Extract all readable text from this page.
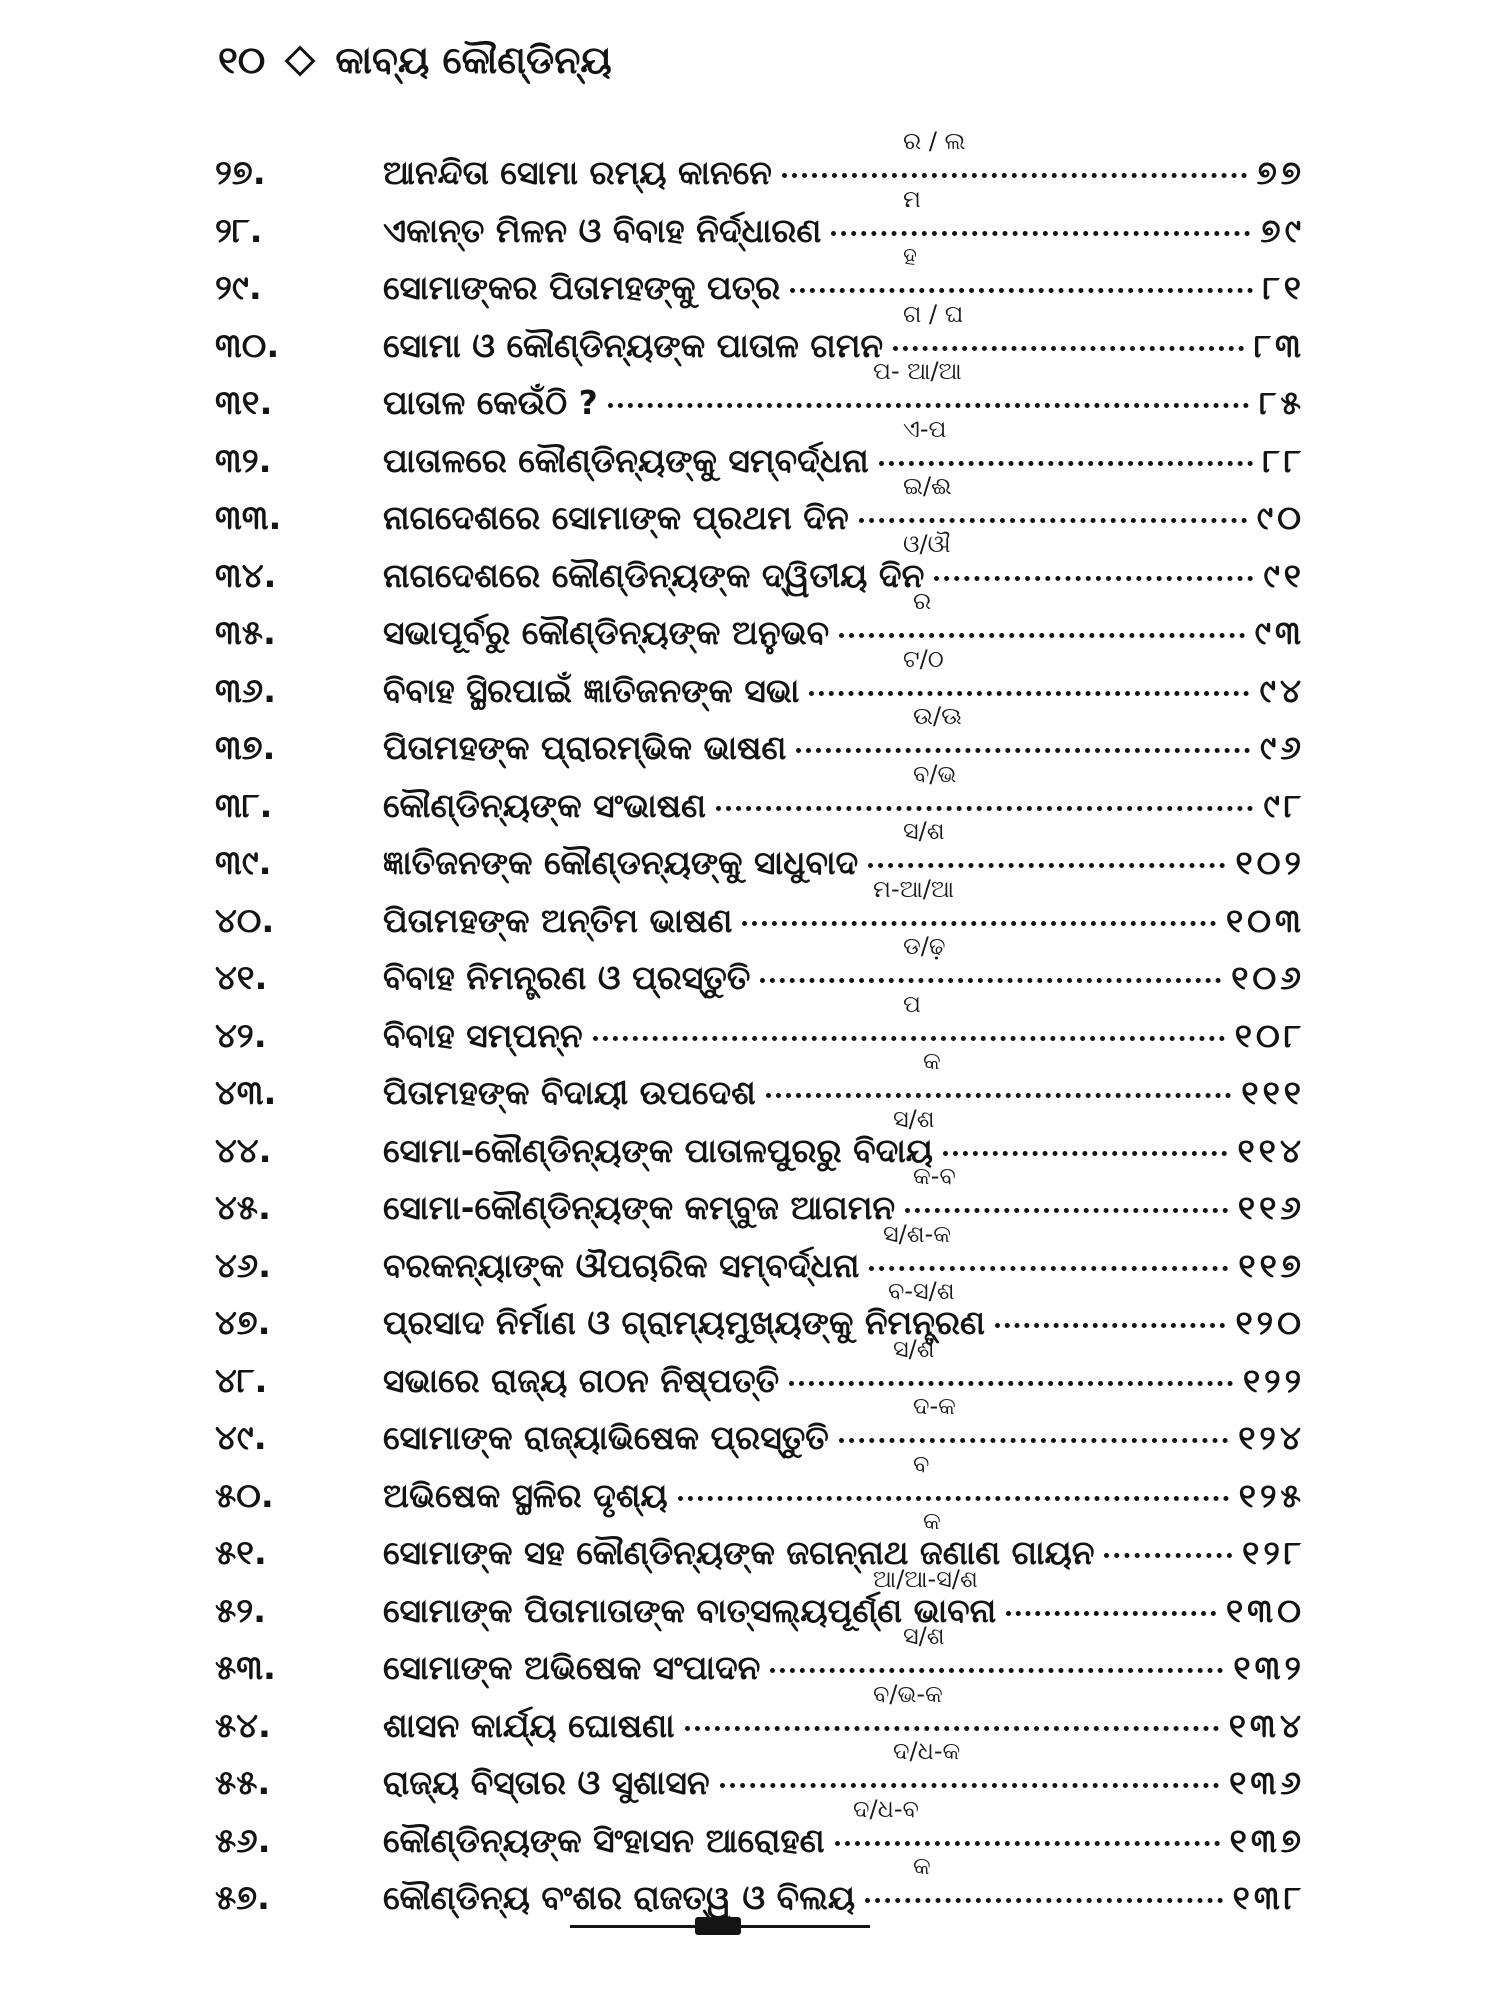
୧୦ କାବ୍ୟ କୌଣ୍ଡିନ୍ୟ
୨୭.	ଆନନ୍ଦିତା ସୋମା ରମ୍ୟ କାନନେ	୭୭
ର / ଲ
୨୮.	ଏକାନ୍ତ ମିଳନ ଓ ବିବାହ ନିର୍ଦ୍ଧାରଣ	୭୯
ମ
୨୯.	ସୋମାଙ୍କର ପିତାମହଙ୍କୁ ପତ୍ର	୮୧
ହ
୩୦.	ସୋମା ଓ କୌଣ୍ଡିନ୍ୟଙ୍କ ପାତାଳ ଗମନ	୮୩
ଗ / ଘ
୩୧.	ପାତାଳ କେଉଁଠି ?	୮୫
ପ- ଆ/ଆ
୩୨.	ପାତାଳରେ କୌଣ୍ଡିନ୍ୟଙ୍କୁ ସମ୍ବର୍ଦ୍ଧନା	୮୮
ଏ-ପ
୩୩.	ନାଗଦେଶରେ ସୋମାଙ୍କ ପ୍ରଥମ ଦିନ	୯୦
ଇ/ଈ
୩୪.	ନାଗଦେଶରେ କୌଣ୍ଡିନ୍ୟଙ୍କ ଦ୍ୱିତୀୟ ଦିନ	୯୧
ଓ/ଔ
୩୫.	ସଭାପୂର୍ବରୁ କୌଣ୍ଡିନ୍ୟଙ୍କ ଅନୁଭବ	୯୩
ର
୩୬.	ବିବାହ ସ୍ଥିରପାଇଁ ଜ୍ଞାତିଜନଙ୍କ ସଭା	୯୪
ଟ/ଠ
୩୭.	ପିତାମହଙ୍କ ପ୍ରାରମ୍ଭିକ ଭାଷଣ	୯୬
ଉ/ଊ
୩୮.	କୌଣ୍ଡିନ୍ୟଙ୍କ ସଂଭାଷଣ	୯୮
ବ/ଭ
୩୯.	ଜ୍ଞାତିଜନଙ୍କ କୌଣ୍ଡନ୍ୟଙ୍କୁ ସାଧୁବାଦ	୧୦୨
ସ/ଶ
୪୦.	ପିତାମହଙ୍କ ଅନ୍ତିମ ଭାଷଣ	୧୦୩
ମ-ଆ/ଆ
୪୧.	ବିବାହ ନିମନ୍ତ୍ରଣ ଓ ପ୍ରସ୍ତୁତି	୧୦୬
ଡ/ଢ଼
୪୨.	ବିବାହ ସମ୍ପନ୍ନ	୧୦୮
ପ
୪୩.	ପିତାମହଙ୍କ ବିଦାୟୀ ଉପଦେଶ	୧୧୧
କ
୪୪.	ସୋମା-କୌଣ୍ଡିନ୍ୟଙ୍କ ପାତାଳପୁରରୁ ବିଦାୟ	୧୧୪
ସ/ଶ
୪୫.	ସୋମା-କୌଣ୍ଡିନ୍ୟଙ୍କ କମ୍ବୁଜ ଆଗମନ	୧୧୬
କ-ବ
୪୬.	ବରକନ୍ୟାଙ୍କ ଔପଚାରିକ ସମ୍ବର୍ଦ୍ଧନା	୧୧୭
ସ/ଶ-କ
୪୭.	ପ୍ରସାଦ ନିର୍ମାଣ ଓ ଗ୍ରାମ୍ୟମୁଖ୍ୟଙ୍କୁ ନିମନ୍ତ୍ରଣ	୧୨୦
ବ-ସ/ଶ
୪୮.	ସଭାରେ ରାଜ୍ୟ ଗଠନ ନିଷ୍ପତ୍ତି	୧୨୨
ସ/ଶ
୪୯.	ସୋମାଙ୍କ ରାଜ୍ୟାଭିଷେକ ପ୍ରସ୍ତୁତି	୧୨୪
ଦ-କ
୫୦.	ଅଭିଷେକ ସ୍ଥଳିର ଦୃଶ୍ୟ	୧୨୫
ବ
୫୧.	ସୋମାଙ୍କ ସହ କୌଣ୍ଡିନ୍ୟଙ୍କ ଜଗନ୍ନାଥ ଜଣାଣ ଗାୟନ	୧୨୮
କ
୫୨.	ସୋମାଙ୍କ ପିତାମାତାଙ୍କ ବାତ୍ସଲ୍ୟପୂର୍ଣ୍ଣ ଭାବନା	୧୩୦
ଆ/ଆ-ସ/ଶ
୫୩.	ସୋମାଙ୍କ ଅଭିଷେକ ସଂପାଦନ	୧୩୨
ସ/ଶ
୫୪.	ଶାସନ କାର୍ଯ୍ୟ ଘୋଷଣା	୧୩୪
ବ/ଭ-କ
୫୫.	ରାଜ୍ୟ ବିସ୍ତାର ଓ ସୁଶାସନ	୧୩୬
ଦ/ଧ-କ
୫୬.	କୌଣ୍ଡିନ୍ୟଙ୍କ ସିଂହାସନ ଆରୋହଣ	୧୩୭
ଦ/ଧ-ବ
୫୭.	କୌଣ୍ଡିନ୍ୟ ବଂଶର ରାଜତ୍ୱ ଓ ବିଲୟ	୧୩୮
କ
